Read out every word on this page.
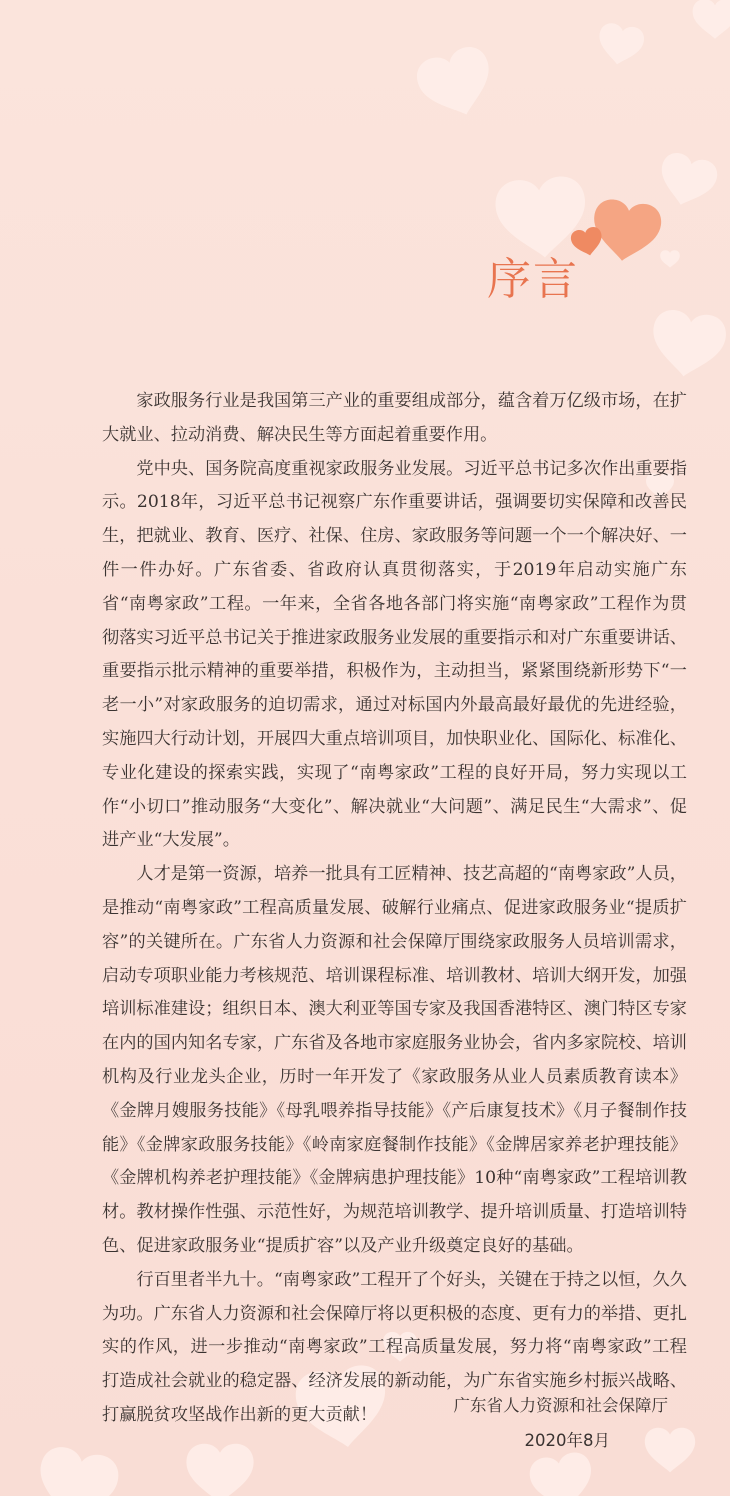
序言

家政服务行业是我国第三产业的重要组成部分，蕴含着万亿级市场，在扩大就业、拉动消费、解决民生等方面起着重要作用。

党中央、国务院高度重视家政服务业发展。习近平总书记多次作出重要指示。2018年，习近平总书记视察广东作重要讲话，强调要切实保障和改善民生，把就业、教育、医疗、社保、住房、家政服务等问题一个一个解决好、一件一件办好。广东省委、省政府认真贯彻落实，于2019年启动实施广东省“南粤家政”工程。一年来，全省各地各部门将实施“南粤家政”工程作为贯彻落实习近平总书记关于推进家政服务业发展的重要指示和对广东重要讲话、重要指示批示精神的重要举措，积极作为，主动担当，紧紧围绕新形势下“一老一小”对家政服务的迫切需求，通过对标国内外最高最好最优的先进经验，实施四大行动计划，开展四大重点培训项目，加快职业化、国际化、标准化、专业化建设的探索实践，实现了“南粤家政”工程的良好开局，努力实现以工作“小切口”推动服务“大变化”、解决就业“大问题”、满足民生“大需求”、促进产业“大发展”。

人才是第一资源，培养一批具有工匠精神、技艺高超的“南粤家政”人员，是推动“南粤家政”工程高质量发展、破解行业痛点、促进家政服务业“提质扩容”的关键所在。广东省人力资源和社会保障厅围绕家政服务人员培训需求，启动专项职业能力考核规范、培训课程标准、培训教材、培训大纲开发，加强培训标准建设；组织日本、澳大利亚等国专家及我国香港特区、澳门特区专家在内的国内知名专家，广东省及各地市家庭服务业协会，省内多家院校、培训机构及行业龙头企业，历时一年开发了《家政服务从业人员素质教育读本》《金牌月嫂服务技能》《母乳喂养指导技能》《产后康复技术》《月子餐制作技能》《金牌家政服务技能》《岭南家庭餐制作技能》《金牌居家养老护理技能》《金牌机构养老护理技能》《金牌病患护理技能》10种“南粤家政”工程培训教材。教材操作性强、示范性好，为规范培训教学、提升培训质量、打造培训特色、促进家政服务业“提质扩容”以及产业升级奠定良好的基础。

行百里者半九十。“南粤家政”工程开了个好头，关键在于持之以恒，久久为功。广东省人力资源和社会保障厅将以更积极的态度、更有力的举措、更扎实的作风，进一步推动“南粤家政”工程高质量发展，努力将“南粤家政”工程打造成社会就业的稳定器、经济发展的新动能，为广东省实施乡村振兴战略、打赢脱贫攻坚战作出新的更大贡献！	广东省人力资源和社会保障厅
2020年8月
